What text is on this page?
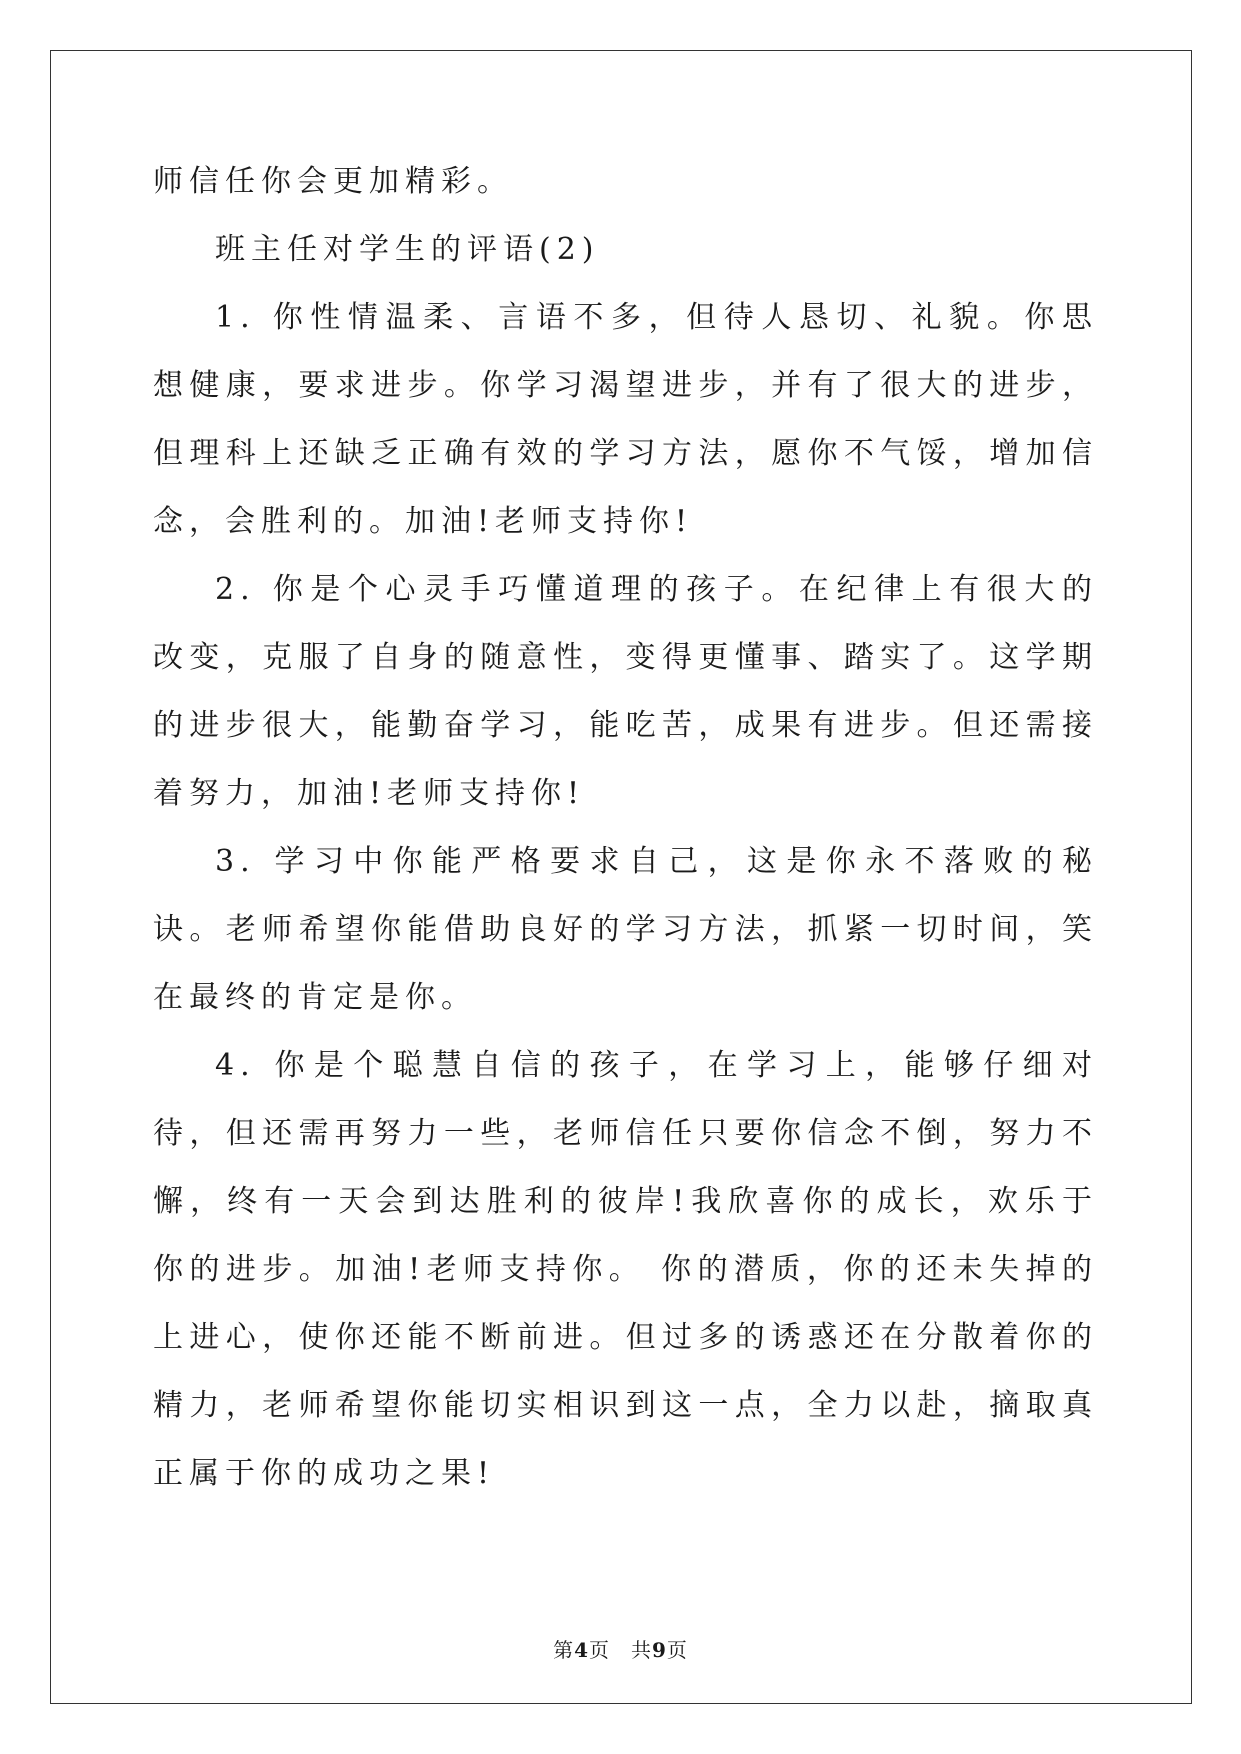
师信任你会更加精彩。

班主任对学生的评语(2)

1. 你性情温柔、言语不多，但待人恳切、礼貌。你思想健康，要求进步。你学习渴望进步，并有了很大的进步，但理科上还缺乏正确有效的学习方法，愿你不气馁，增加信念，会胜利的。加油!老师支持你!

2. 你是个心灵手巧懂道理的孩子。在纪律上有很大的改变，克服了自身的随意性，变得更懂事、踏实了。这学期的进步很大，能勤奋学习，能吃苦，成果有进步。但还需接着努力，加油!老师支持你!

3. 学习中你能严格要求自己，这是你永不落败的秘诀。老师希望你能借助良好的学习方法，抓紧一切时间，笑在最终的肯定是你。

4. 你是个聪慧自信的孩子，在学习上，能够仔细对待，但还需再努力一些，老师信任只要你信念不倒，努力不懈，终有一天会到达胜利的彼岸!我欣喜你的成长，欢乐于你的进步。加油!老师支持你。 你的潜质，你的还未失掉的上进心，使你还能不断前进。但过多的诱惑还在分散着你的精力，老师希望你能切实相识到这一点，全力以赴，摘取真正属于你的成功之果!

第4页　共9页
